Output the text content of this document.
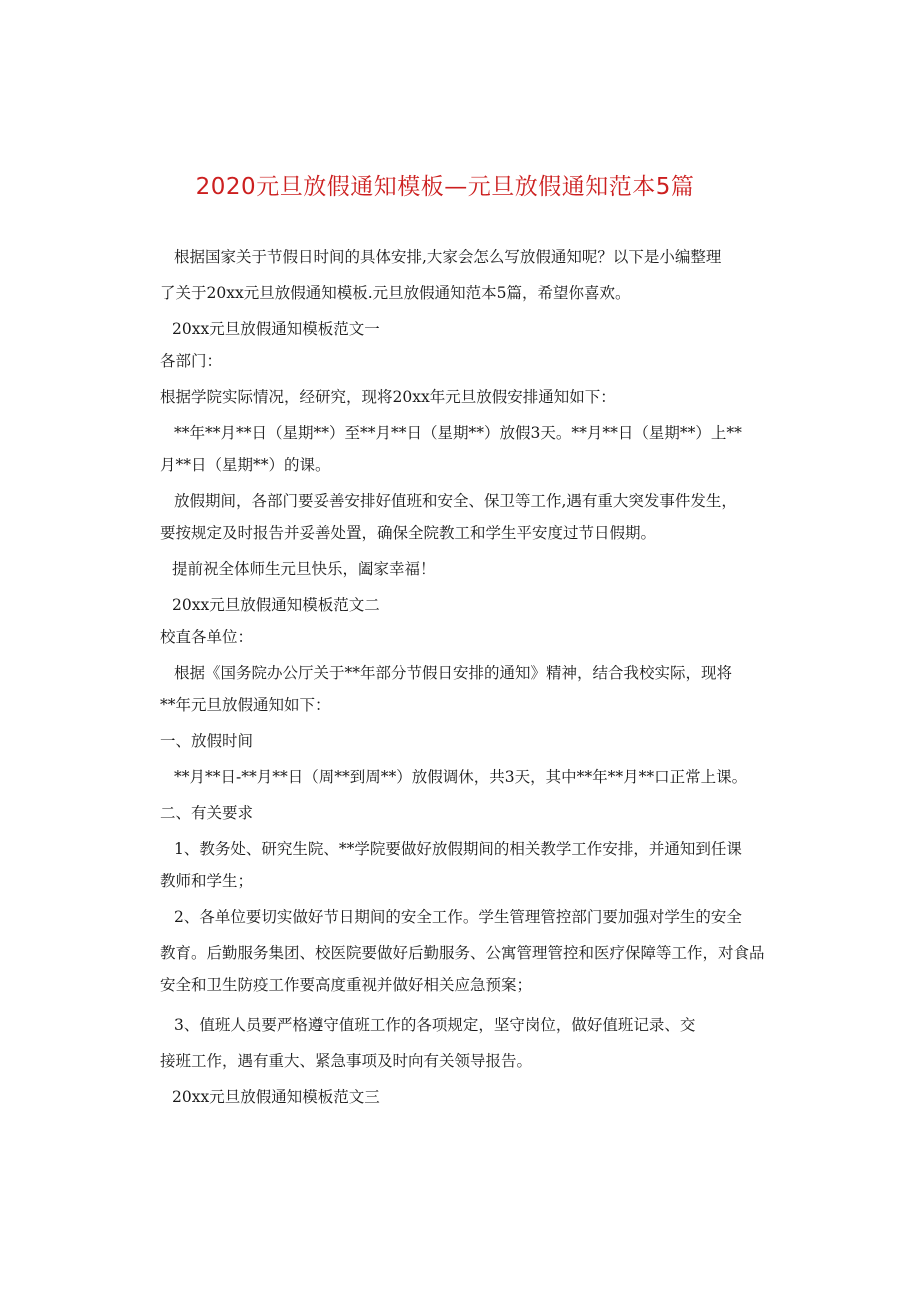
2020元旦放假通知模板—元旦放假通知范本5篇
根据国家关于节假日时间的具体安排,大家会怎么写放假通知呢？以下是小编整理
了关于20xx元旦放假通知模板.元旦放假通知范本5篇，希望你喜欢。
20xx元旦放假通知模板范文一
各部门：
根据学院实际情况，经研究，现将20xx年元旦放假安排通知如下：
**年**月**日（星期**）至**月**日（星期**）放假3天。**月**日（星期**）上**
月**日（星期**）的课。
放假期间，各部门要妥善安排好值班和安全、保卫等工作,遇有重大突发事件发生，
要按规定及时报告并妥善处置，确保全院教工和学生平安度过节日假期。
提前祝全体师生元旦快乐，阖家幸福！
20xx元旦放假通知模板范文二
校直各单位：
根据《国务院办公厅关于**年部分节假日安排的通知》精神，结合我校实际，现将
**年元旦放假通知如下：
一、放假时间
**月**日-**月**日（周**到周**）放假调休，共3天，其中**年**月**口正常上课。
二、有关要求
1、教务处、研究生院、**学院要做好放假期间的相关教学工作安排，并通知到任课
教师和学生；
2、各单位要切实做好节日期间的安全工作。学生管理管控部门要加强对学生的安全
教育。后勤服务集团、校医院要做好后勤服务、公寓管理管控和医疗保障等工作，对食品
安全和卫生防疫工作要高度重视并做好相关应急预案；
3、值班人员要严格遵守值班工作的各项规定，坚守岗位，做好值班记录、交
接班工作，遇有重大、紧急事项及时向有关领导报告。
20xx元旦放假通知模板范文三
